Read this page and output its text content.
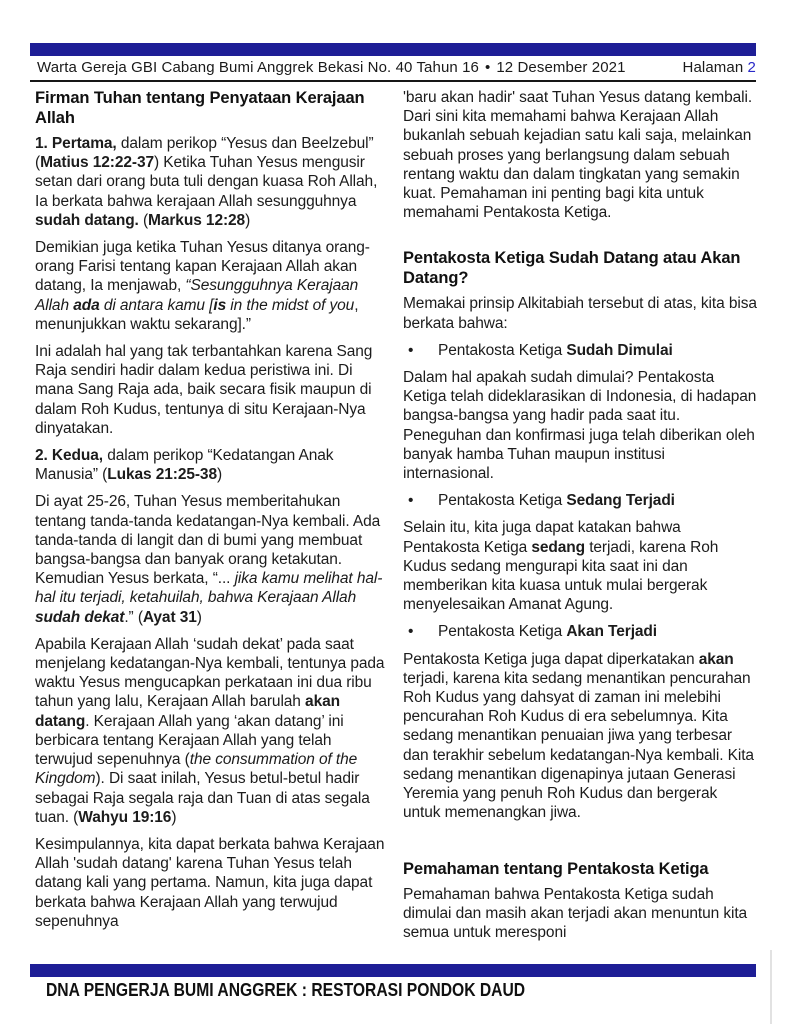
Warta Gereja GBI Cabang Bumi Anggrek Bekasi No. 40 Tahun 16 • 12 Desember 2021	Halaman 2
Firman Tuhan tentang Penyataan Kerajaan Allah

1. Pertama, dalam perikop “Yesus dan Beelzebul” (Matius 12:22-37) Ketika Tuhan Yesus mengusir setan dari orang buta tuli dengan kuasa Roh Allah, Ia berkata bahwa kerajaan Allah sesungguhnya sudah datang. (Markus 12:28)

Demikian juga ketika Tuhan Yesus ditanya orang-orang Farisi tentang kapan Kerajaan Allah akan datang, Ia menjawab, “Sesungguhnya Kerajaan Allah ada di antara kamu [is in the midst of you, menunjukkan waktu sekarang].”

Ini adalah hal yang tak terbantahkan karena Sang Raja sendiri hadir dalam kedua peristiwa ini. Di mana Sang Raja ada, baik secara fisik maupun di dalam Roh Kudus, tentunya di situ Kerajaan-Nya dinyatakan.

2. Kedua, dalam perikop “Kedatangan Anak Manusia” (Lukas 21:25-38)

Di ayat 25-26, Tuhan Yesus memberitahukan tentang tanda-tanda kedatangan-Nya kembali. Ada tanda-tanda di langit dan di bumi yang membuat bangsa-bangsa dan banyak orang ketakutan. Kemudian Yesus berkata, “... jika kamu melihat hal-hal itu terjadi, ketahuilah, bahwa Kerajaan Allah sudah dekat.” (Ayat 31)

Apabila Kerajaan Allah ‘sudah dekat’ pada saat menjelang kedatangan-Nya kembali, tentunya pada waktu Yesus mengucapkan perkataan ini dua ribu tahun yang lalu, Kerajaan Allah barulah akan datang. Kerajaan Allah yang ‘akan datang’ ini berbicara tentang Kerajaan Allah yang telah terwujud sepenuhnya (the consummation of the Kingdom). Di saat inilah, Yesus betul-betul hadir sebagai Raja segala raja dan Tuan di atas segala tuan. (Wahyu 19:16)

Kesimpulannya, kita dapat berkata bahwa Kerajaan Allah 'sudah datang' karena Tuhan Yesus telah datang kali yang pertama. Namun, kita juga dapat berkata bahwa Kerajaan Allah yang terwujud sepenuhnya

'baru akan hadir' saat Tuhan Yesus datang kembali. Dari sini kita memahami bahwa Kerajaan Allah bukanlah sebuah kejadian satu kali saja, melainkan sebuah proses yang berlangsung dalam sebuah rentang waktu dan dalam tingkatan yang semakin kuat. Pemahaman ini penting bagi kita untuk memahami Pentakosta Ketiga.

Pentakosta Ketiga Sudah Datang atau Akan Datang?

Memakai prinsip Alkitabiah tersebut di atas, kita bisa berkata bahwa:

•	Pentakosta Ketiga Sudah Dimulai

Dalam hal apakah sudah dimulai? Pentakosta Ketiga telah dideklarasikan di Indonesia, di hadapan bangsa-bangsa yang hadir pada saat itu. Peneguhan dan konfirmasi juga telah diberikan oleh banyak hamba Tuhan maupun institusi internasional.

•	Pentakosta Ketiga Sedang Terjadi

Selain itu, kita juga dapat katakan bahwa Pentakosta Ketiga sedang terjadi, karena Roh Kudus sedang mengurapi kita saat ini dan memberikan kita kuasa untuk mulai bergerak menyelesaikan Amanat Agung.

•	Pentakosta Ketiga Akan Terjadi

Pentakosta Ketiga juga dapat diperkatakan akan terjadi, karena kita sedang menantikan pencurahan Roh Kudus yang dahsyat di zaman ini melebihi pencurahan Roh Kudus di era sebelumnya. Kita sedang menantikan penuaian jiwa yang terbesar dan terakhir sebelum kedatangan-Nya kembali. Kita sedang menantikan digenapinya jutaan Generasi Yeremia yang penuh Roh Kudus dan bergerak untuk memenangkan jiwa.

Pemahaman tentang Pentakosta Ketiga

Pemahaman bahwa Pentakosta Ketiga sudah dimulai dan masih akan terjadi akan menuntun kita semua untuk meresponi

DNA PENGERJA BUMI ANGGREK : RESTORASI PONDOK DAUD
